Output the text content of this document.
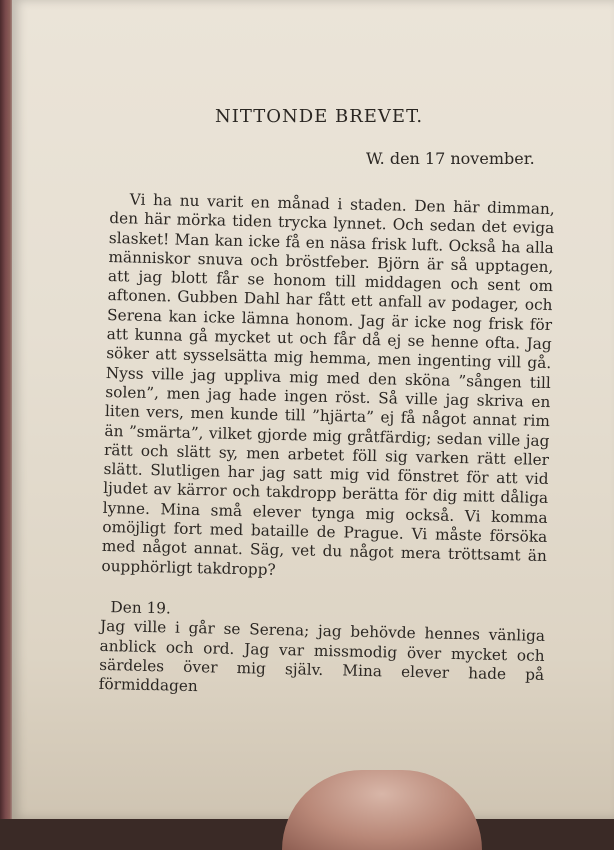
NITTONDE BREVET.

W. den 17 november.

Vi ha nu varit en månad i staden. Den här dimman, den här mörka tiden trycka lynnet. Och sedan det eviga slasket! Man kan icke få en näsa frisk luft. Också ha alla människor snuva och bröstfeber. Björn är så upptagen, att jag blott får se honom till middagen och sent om aftonen. Gubben Dahl har fått ett anfall av podager, och Serena kan icke lämna honom. Jag är icke nog frisk för att kunna gå mycket ut och får då ej se henne ofta. Jag söker att sysselsätta mig hemma, men ingenting vill gå. Nyss ville jag uppliva mig med den sköna ”sången till solen”, men jag hade ingen röst. Så ville jag skriva en liten vers, men kunde till ”hjärta” ej få något annat rim än ”smärta”, vilket gjorde mig gråtfärdig; sedan ville jag rätt och slätt sy, men arbetet föll sig varken rätt eller slätt. Slutligen har jag satt mig vid fönstret för att vid ljudet av kärror och takdropp berätta för dig mitt dåliga lynne. Mina små elever tynga mig också. Vi komma omöjligt fort med bataille de Prague. Vi måste försöka med något annat. Säg, vet du något mera tröttsamt än oupphörligt takdropp?

Den 19.

Jag ville i går se Serena; jag behövde hennes vänliga anblick och ord. Jag var missmodig över mycket och särdeles över mig själv. Mina elever hade på förmiddagen
